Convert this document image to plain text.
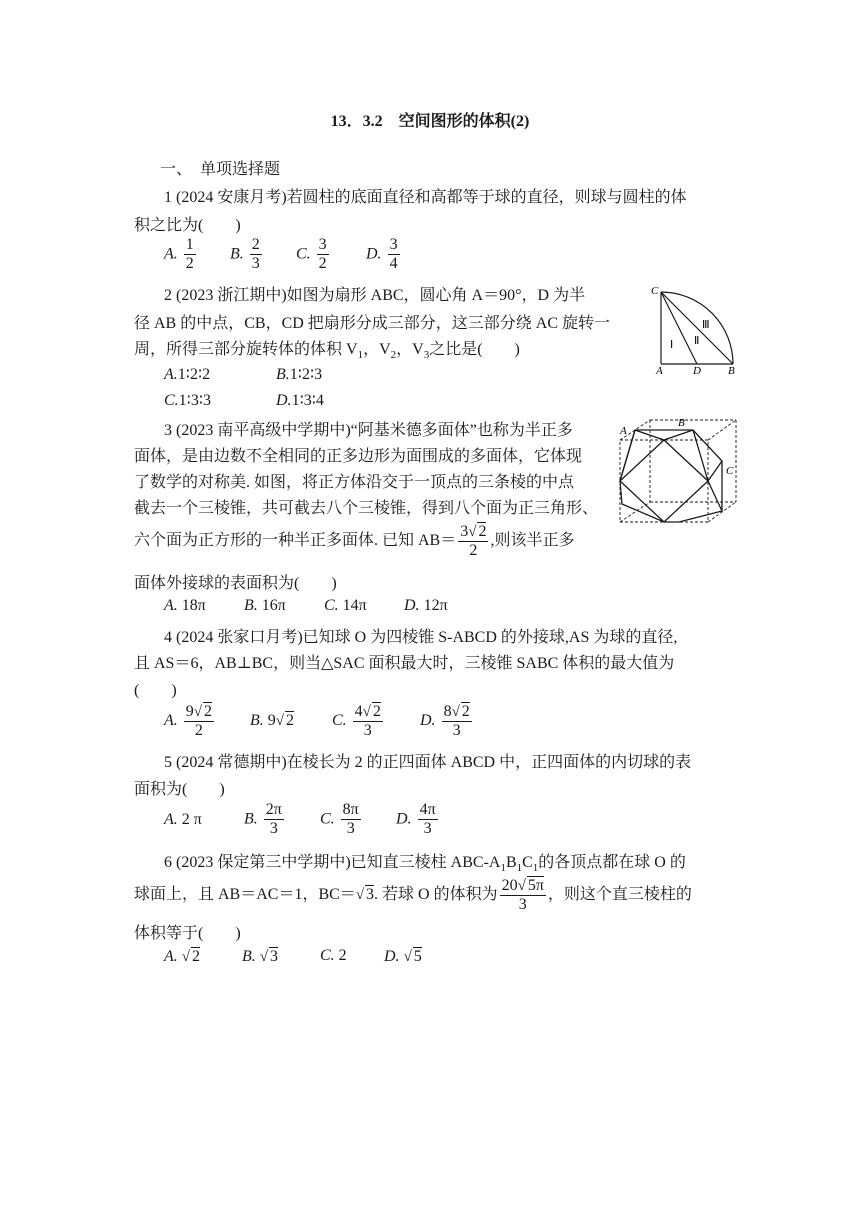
13．3.2　空间图形的体积(2)
一、　单项选择题
1 (2024 安康月考)若圆柱的底面直径和高都等于球的直径，则球与圆柱的体
积之比为(　　)
A. $\frac{1}{2} B$. $\frac{2}{3} C$. $\frac{3}{2} D$. $\frac{3}{4}$
2 (2023 浙江期中)如图为扇形 ABC，圆心角 A＝90°，D 为半
径 AB 的中点，CB，CD 把扇形分成三部分，这三部分绕 AC 旋转一
周，所得三部分旋转体的体积 $V_1$，$V_2$，$V_3$之比是(　　)
A.1∶2∶2	B.1∶2∶3
C.1∶3∶3	D.1∶3∶4
C
A	D B
Ⅰ Ⅱ
Ⅲ
3 (2023 南平高级中学期中)“阿基米德多面体”也称为半正多
面体，是由边数不全相同的正多边形为面围成的多面体，它体现
了数学的对称美. 如图，将正方体沿交于一顶点的三条棱的中点
截去一个三棱锥，共可截去八个三棱锥，得到八个面为正三角形、
六个面为正方形的一种半正多面体. 已知 $AB= \frac{3√ 2}{2}$ ,则该半正多
面体外接球的表面积为(　　)
A. 18π B. 16π C. 14π D. 12π
A
B
C
4 (2024 张家口月考)已知球 O 为四棱锥 S-ABCD 的外接球,AS 为球的直径,
且 AS＝6，AB⊥BC，则当△SAC 面积最大时，三棱锥 SABC 体积的最大值为
(　　)
A. $\frac{9√ 2}{2} B$. 9√ 2 C. $\frac{4√ 2}{3} D$. $\frac{8√ 2}{3}$
5 (2024 常德期中)在棱长为 2 的正四面体 ABCD 中，正四面体的内切球的表
面积为(　　)
A. 2 π	B. $\frac{2\pi}{3} C$. $\frac{8\pi}{3} D$. $\frac{4\pi}{3}$
6 (2023 保定第三中学期中)已知直三棱柱 ABC-$A_1B_1C_1$的各顶点都在球 O 的
球面上，且 AB＝AC＝1，BC＝√ 3. 若球 O 的体积为 $\frac{20√ 5\pi}{3}$ ，则这个直三棱柱的
体积等于(　　)
A. √ 2	B. √ 3	C. 2 D. √ 5
